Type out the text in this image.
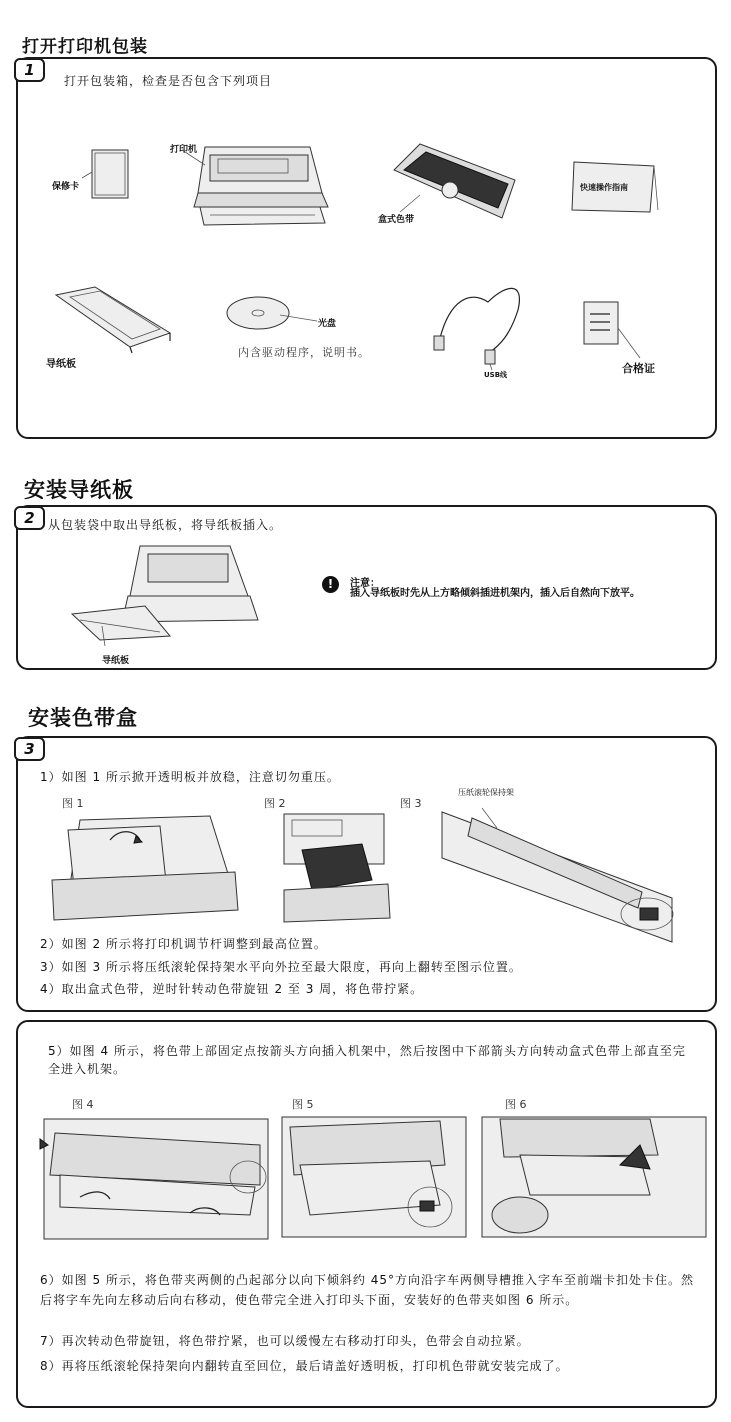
打开打印机包装
1
打开包装箱，检查是否包含下列项目
保修卡
打印机
盒式色带
快速操作指南
导纸板
光盘
内含驱动程序，说明书。
USB线	合格证
安装导纸板
2	从包装袋中取出导纸板，将导纸板插入。
导纸板
!	注意：
插入导纸板时先从上方略倾斜插进机架内，插入后自然向下放平。
安装色带盒
3
1）如图 1 所示掀开透明板并放稳，注意切勿重压。
图 1	图 2	图 3
压纸滚轮保持架
2）如图 2 所示将打印机调节杆调整到最高位置。
3）如图 3 所示将压纸滚轮保持架水平向外拉至最大限度，再向上翻转至图示位置。
4）取出盒式色带，逆时针转动色带旋钮 2 至 3 周，将色带拧紧。
5）如图 4 所示，将色带上部固定点按箭头方向插入机架中，然后按图中下部箭头方向转动盒式色带上部直至完全进入机架。
图 4	图 5	图 6
6）如图 5 所示，将色带夹两侧的凸起部分以向下倾斜约 45°方向沿字车两侧导槽推入字车至前端卡扣处卡住。然后将字车先向左移动后向右移动，使色带完全进入打印头下面，安装好的色带夹如图 6 所示。
7）再次转动色带旋钮，将色带拧紧，也可以缓慢左右移动打印头，色带会自动拉紧。
8）再将压纸滚轮保持架向内翻转直至回位，最后请盖好透明板，打印机色带就安装完成了。
